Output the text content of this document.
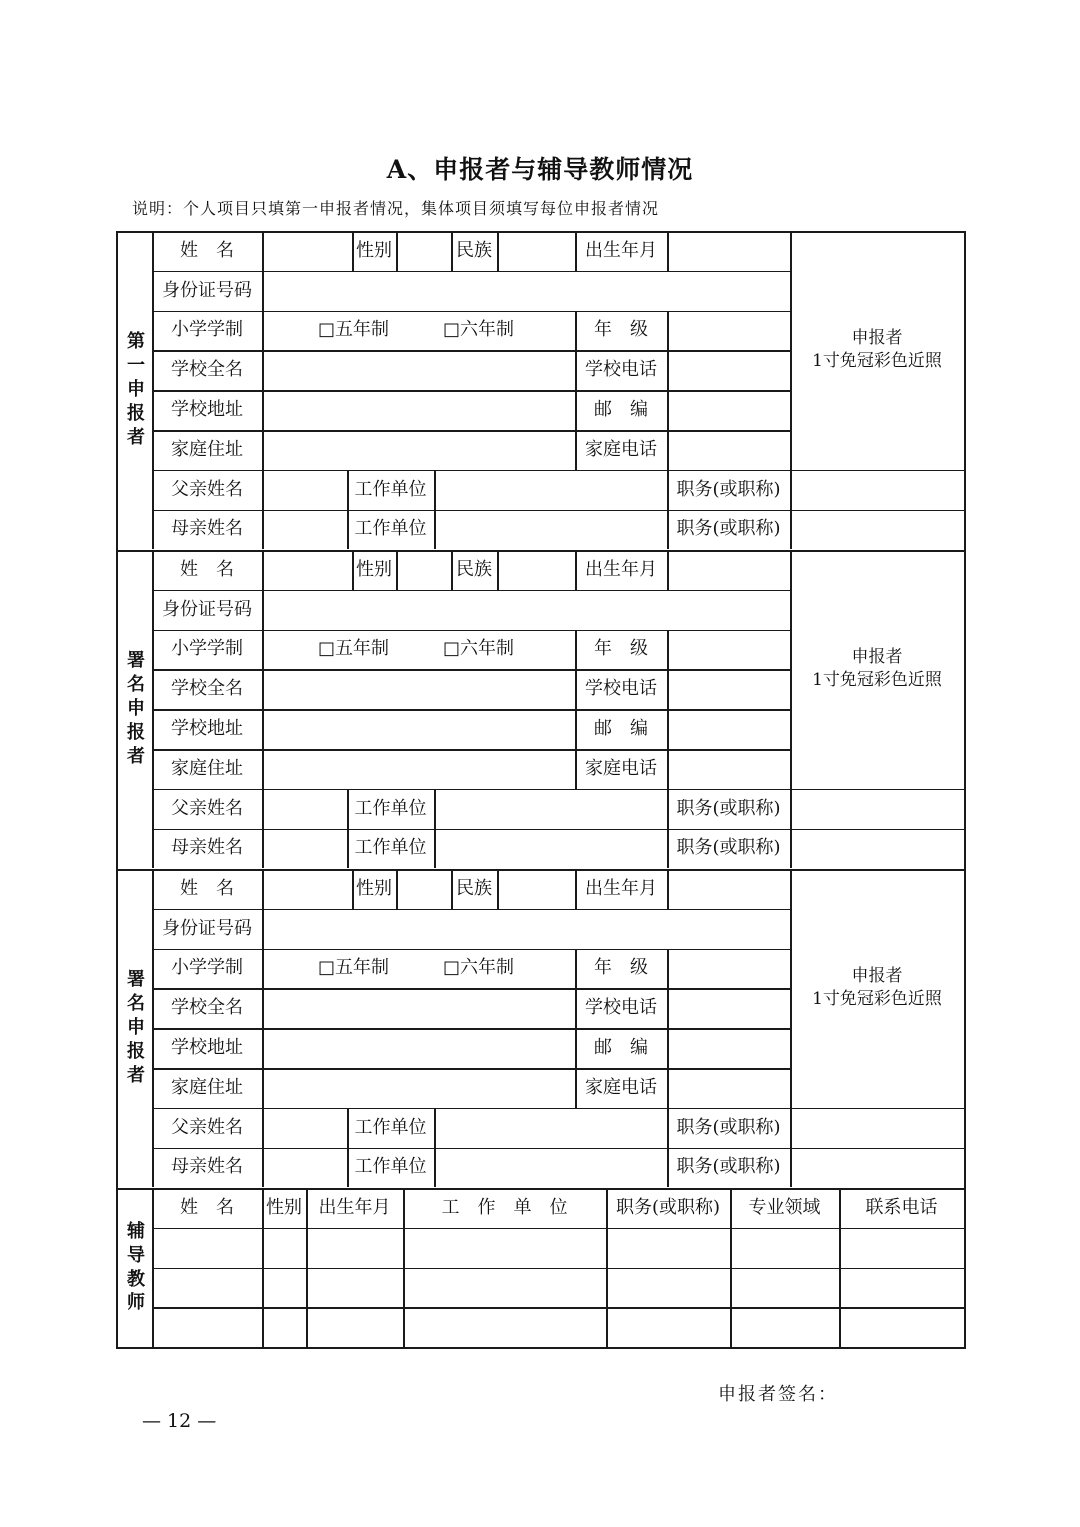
A、申报者与辅导教师情况
说明：个人项目只填第一申报者情况，集体项目须填写每位申报者情况
第
一
申
报
者
申报者
1寸免冠彩色近照
姓　名	性别	民族	出生年月
身份证号码
小学学制	□五年制	□六年制	年　级
学校全名	学校电话
学校地址	邮　编
家庭住址	家庭电话
父亲姓名	工作单位	职务(或职称)
母亲姓名	工作单位	职务(或职称)
署
名
申
报
者
申报者
1寸免冠彩色近照
姓　名	性别	民族	出生年月
身份证号码
小学学制	□五年制	□六年制	年　级
学校全名	学校电话
学校地址	邮　编
家庭住址	家庭电话
父亲姓名	工作单位	职务(或职称)
母亲姓名	工作单位	职务(或职称)
署
名
申
报
者
申报者
1寸免冠彩色近照
姓　名	性别	民族	出生年月
身份证号码
小学学制	□五年制	□六年制	年　级
学校全名	学校电话
学校地址	邮　编
家庭住址	家庭电话
父亲姓名	工作单位	职务(或职称)
母亲姓名	工作单位	职务(或职称)
辅
导
教
师
姓　名	性别 出生年月	工　作　单　位	职务(或职称)	专业领域	联系电话
申报者签名：
— 12 —
